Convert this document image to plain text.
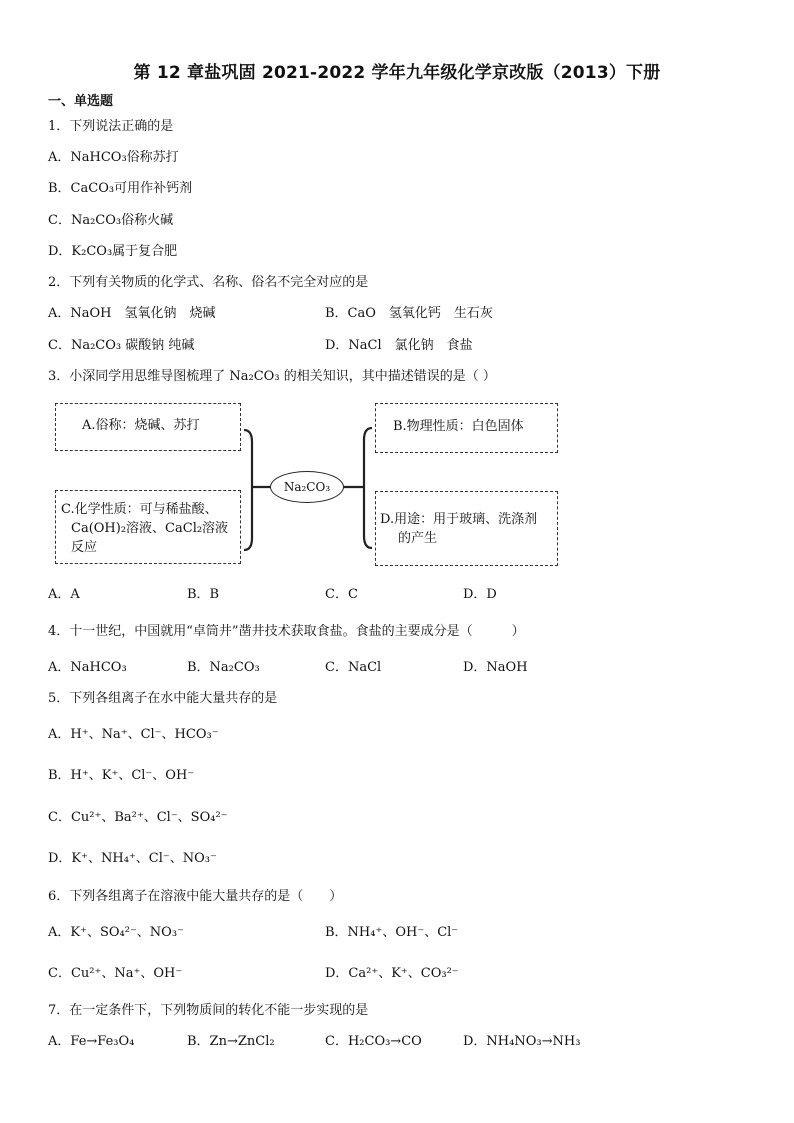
第 12 章盐巩固 2021-2022 学年九年级化学京改版（2013）下册
一、单选题
1．下列说法正确的是
A．NaHCO₃俗称苏打
B．CaCO₃可用作补钙剂
C．Na₂CO₃俗称火碱
D．K₂CO₃属于复合肥
2．下列有关物质的化学式、名称、俗名不完全对应的是
A．NaOH　氢氧化钠　烧碱	B．CaO　氢氧化钙　生石灰
C．Na₂CO₃ 碳酸钠 纯碱	D．NaCl　氯化钠　食盐
3．小深同学用思维导图梳理了 Na₂CO₃ 的相关知识，其中描述错误的是（ ）
A.俗称：烧碱、苏打	B.物理性质：白色固体
C.化学性质：可与稀盐酸、
Ca(OH)₂溶液、CaCl₂溶液
反应
D.用途：用于玻璃、洗涤剂
的产生
Na₂CO₃
A．A	B．B	C．C	D．D
4．十一世纪，中国就用“卓筒井”凿井技术获取食盐。食盐的主要成分是（　　　）
A．NaHCO₃	B．Na₂CO₃	C．NaCl	D．NaOH
5．下列各组离子在水中能大量共存的是
A．H⁺、Na⁺、Cl⁻、HCO₃⁻
B．H⁺、K⁺、Cl⁻、OH⁻
C．Cu²⁺、Ba²⁺、Cl⁻、SO₄²⁻
D．K⁺、NH₄⁺、Cl⁻、NO₃⁻
6．下列各组离子在溶液中能大量共存的是（　　）
A．K⁺、SO₄²⁻、NO₃⁻	B．NH₄⁺、OH⁻、Cl⁻
C．Cu²⁺、Na⁺、OH⁻	D．Ca²⁺、K⁺、CO₃²⁻
7．在一定条件下，下列物质间的转化不能一步实现的是
A．Fe→Fe₃O₄	B．Zn→ZnCl₂	C．H₂CO₃→CO	D．NH₄NO₃→NH₃
